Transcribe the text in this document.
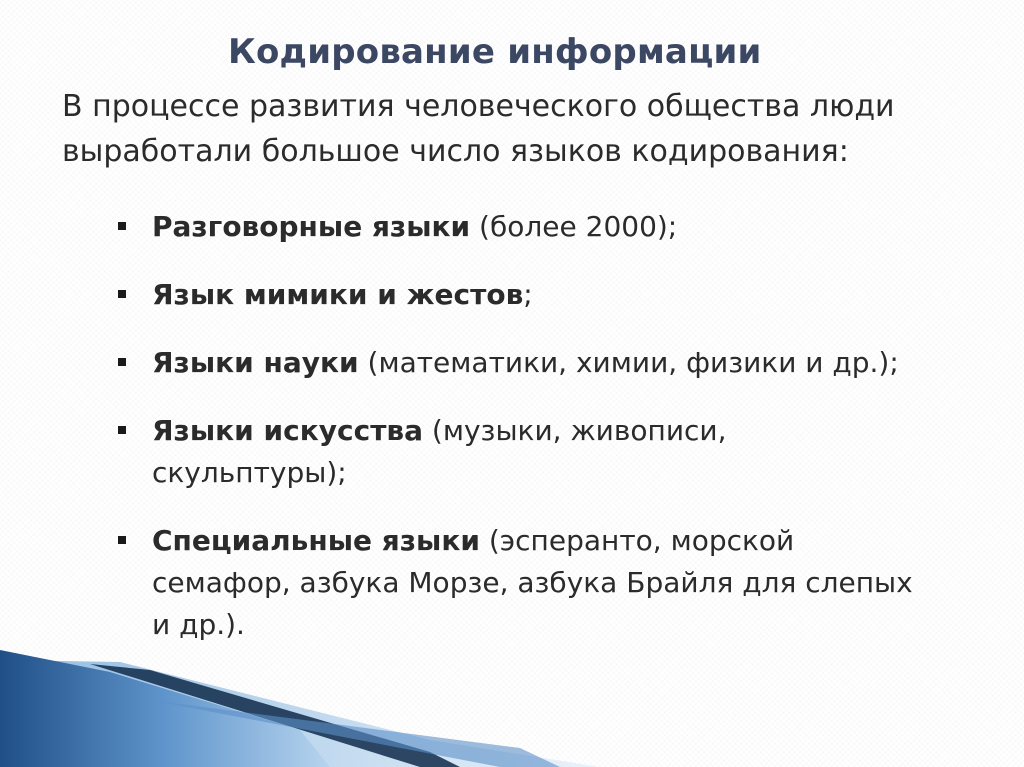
Кодирование информации
В процессе развития человеческого общества люди выработали большое число языков кодирования:
Разговорные языки (более 2000);
Язык мимики и жестов;
Языки науки (математики, химии, физики и др.);
Языки искусства (музыки, живописи, скульптуры);
Специальные языки (эсперанто, морской семафор, азбука Морзе, азбука Брайля для слепых и др.).
